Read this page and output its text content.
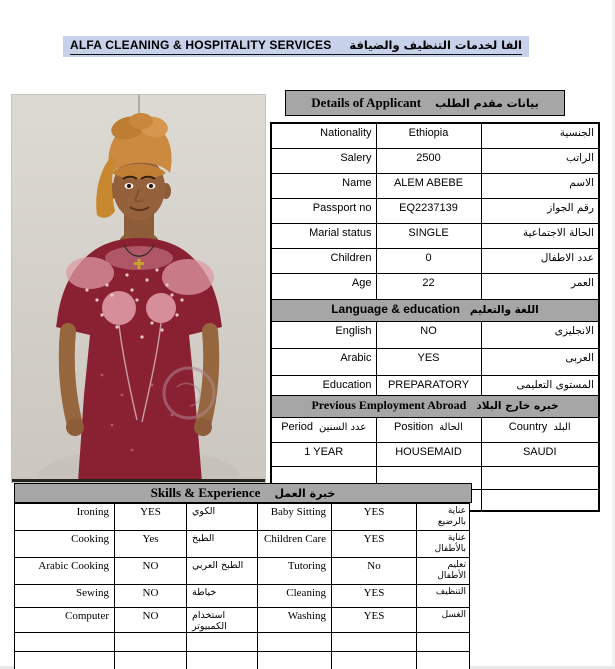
ALFA CLEANING & HOSPITALITY SERVICES الفا لخدمات التنظيف والضيافة
Details of Applicant بيانات مقدم الطلب
Nationality	Ethiopia	الجنسية
Salery	2500	الراتب
Name	ALEM ABEBE	الاسم
Passport no	EQ2237139	رقم الجواز
Marial status	SINGLE	الحالة الاجتماعية
Children	0	عدد الاطفال
Age	22	العمر

Language & education اللغة والتعليم		

English	NO	الانجليزى
Arabic	YES	العربى
Education	PREPARATORY	المستوى التعليمى

Previous Employment Abroad خبره خارج البلاد		

Period عدد السنين	Position الحالة	Country البلد

1 YEAR	HOUSEMAID	SAUDI

Skills & Experience خبرة العمل
Ironing	YES	الكوي	Baby Sitting	YES	عناية بالرضيع
Cooking	Yes	الطبخ	Children Care	YES	عناية بالأطفال
Arabic Cooking	NO	الطبخ العربي	Tutoring	No	تعليم الأطفال
Sewing	NO	خياطة	Cleaning	YES	التنظيف
Computer	NO	استخدام الكمبيوتر	Washing	YES	الغسل
